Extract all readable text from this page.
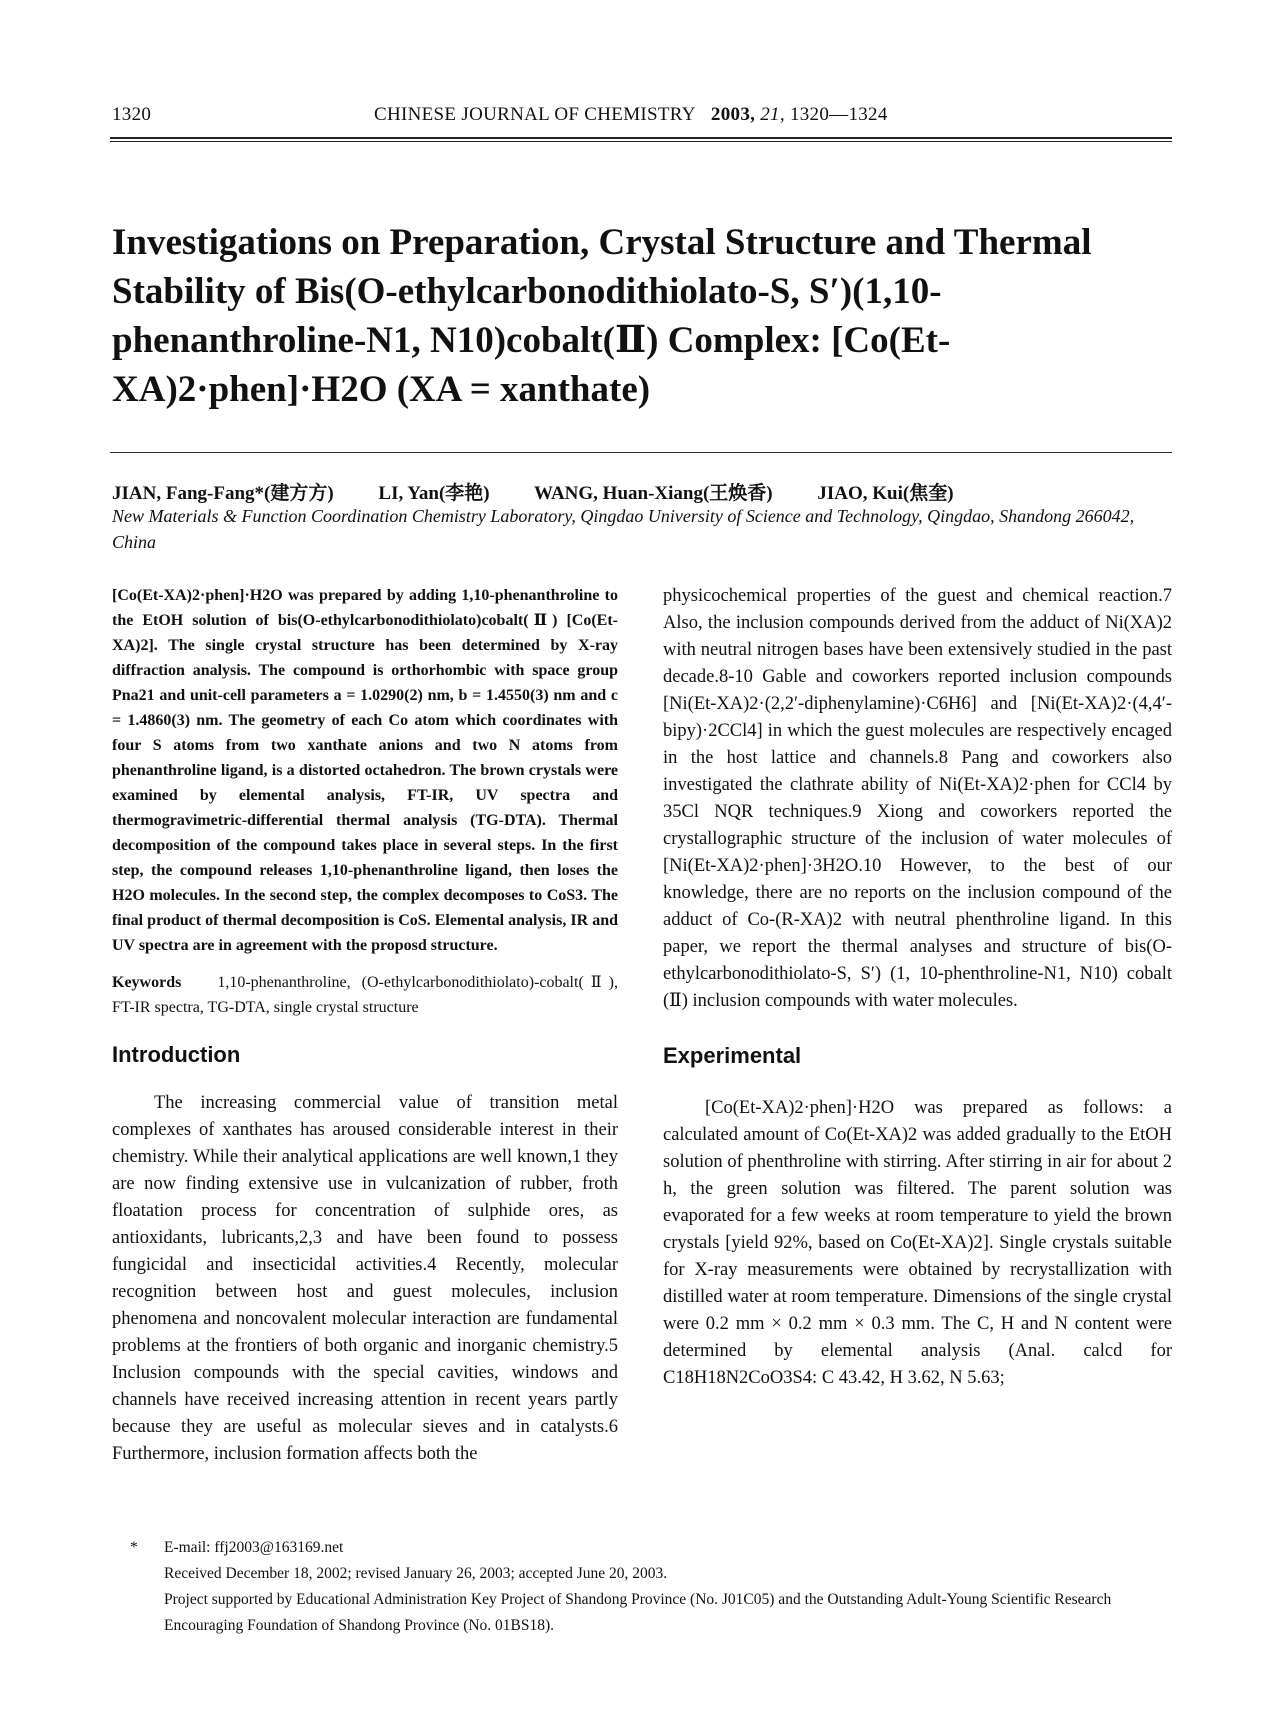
1320	CHINESE JOURNAL OF CHEMISTRY 2003, 21, 1320—1324
Investigations on Preparation, Crystal Structure and Thermal Stability of Bis(O-ethylcarbonodithiolato-S, S′)(1,10-phenanthroline-N1, N10)cobalt(Ⅱ) Complex: [Co(Et-XA)2·phen]·H2O (XA = xanthate)
JIAN, Fang-Fang*(建方方) LI, Yan(李艳) WANG, Huan-Xiang(王焕香) JIAO, Kui(焦奎)
New Materials & Function Coordination Chemistry Laboratory, Qingdao University of Science and Technology, Qingdao, Shandong 266042, China

[Co(Et-XA)2·phen]·H2O was prepared by adding 1,10-phenanthroline to the EtOH solution of bis(O-ethylcarbonodithiolato)cobalt(Ⅱ) [Co(Et-XA)2]. The single crystal structure has been determined by X-ray diffraction analysis. The compound is orthorhombic with space group Pna21 and unit-cell parameters a = 1.0290(2) nm, b = 1.4550(3) nm and c = 1.4860(3) nm. The geometry of each Co atom which coordinates with four S atoms from two xanthate anions and two N atoms from phenanthroline ligand, is a distorted octahedron. The brown crystals were examined by elemental analysis, FT-IR, UV spectra and thermogravimetric-differential thermal analysis (TG-DTA). Thermal decomposition of the compound takes place in several steps. In the first step, the compound releases 1,10-phenanthroline ligand, then loses the H2O molecules. In the second step, the complex decomposes to CoS3. The final product of thermal decomposition is CoS. Elemental analysis, IR and UV spectra are in agreement with the proposd structure.

Keywords 1,10-phenanthroline, (O-ethylcarbonodithiolato)-cobalt(Ⅱ), FT-IR spectra, TG-DTA, single crystal structure

Introduction

The increasing commercial value of transition metal complexes of xanthates has aroused considerable interest in their chemistry. While their analytical applications are well known,1 they are now finding extensive use in vulcanization of rubber, froth floatation process for concentration of sulphide ores, as antioxidants, lubricants,2,3 and have been found to possess fungicidal and insecticidal activities.4 Recently, molecular recognition between host and guest molecules, inclusion phenomena and noncovalent molecular interaction are fundamental problems at the frontiers of both organic and inorganic chemistry.5 Inclusion compounds with the special cavities, windows and channels have received increasing attention in recent years partly because they are useful as molecular sieves and in catalysts.6 Furthermore, inclusion formation affects both the

physicochemical properties of the guest and chemical reaction.7 Also, the inclusion compounds derived from the adduct of Ni(XA)2 with neutral nitrogen bases have been extensively studied in the past decade.8-10 Gable and coworkers reported inclusion compounds [Ni(Et-XA)2·(2,2′-diphenylamine)·C6H6] and [Ni(Et-XA)2·(4,4′-bipy)·2CCl4] in which the guest molecules are respectively encaged in the host lattice and channels.8 Pang and coworkers also investigated the clathrate ability of Ni(Et-XA)2·phen for CCl4 by 35Cl NQR techniques.9 Xiong and coworkers reported the crystallographic structure of the inclusion of water molecules of [Ni(Et-XA)2·phen]·3H2O.10 However, to the best of our knowledge, there are no reports on the inclusion compound of the adduct of Co-(R-XA)2 with neutral phenthroline ligand. In this paper, we report the thermal analyses and structure of bis(O-ethylcarbonodithiolato-S, S′) (1, 10-phenthroline-N1, N10) cobalt (Ⅱ) inclusion compounds with water molecules.

Experimental

[Co(Et-XA)2·phen]·H2O was prepared as follows: a calculated amount of Co(Et-XA)2 was added gradually to the EtOH solution of phenthroline with stirring. After stirring in air for about 2 h, the green solution was filtered. The parent solution was evaporated for a few weeks at room temperature to yield the brown crystals [yield 92%, based on Co(Et-XA)2]. Single crystals suitable for X-ray measurements were obtained by recrystallization with distilled water at room temperature. Dimensions of the single crystal were 0.2 mm × 0.2 mm × 0.3 mm. The C, H and N content were determined by elemental analysis (Anal. calcd for C18H18N2CoO3S4: C 43.42, H 3.62, N 5.63;

* E-mail: ffj2003@163169.net
Received December 18, 2002; revised January 26, 2003; accepted June 20, 2003.
Project supported by Educational Administration Key Project of Shandong Province (No. J01C05) and the Outstanding Adult-Young Scientific Research Encouraging Foundation of Shandong Province (No. 01BS18).
